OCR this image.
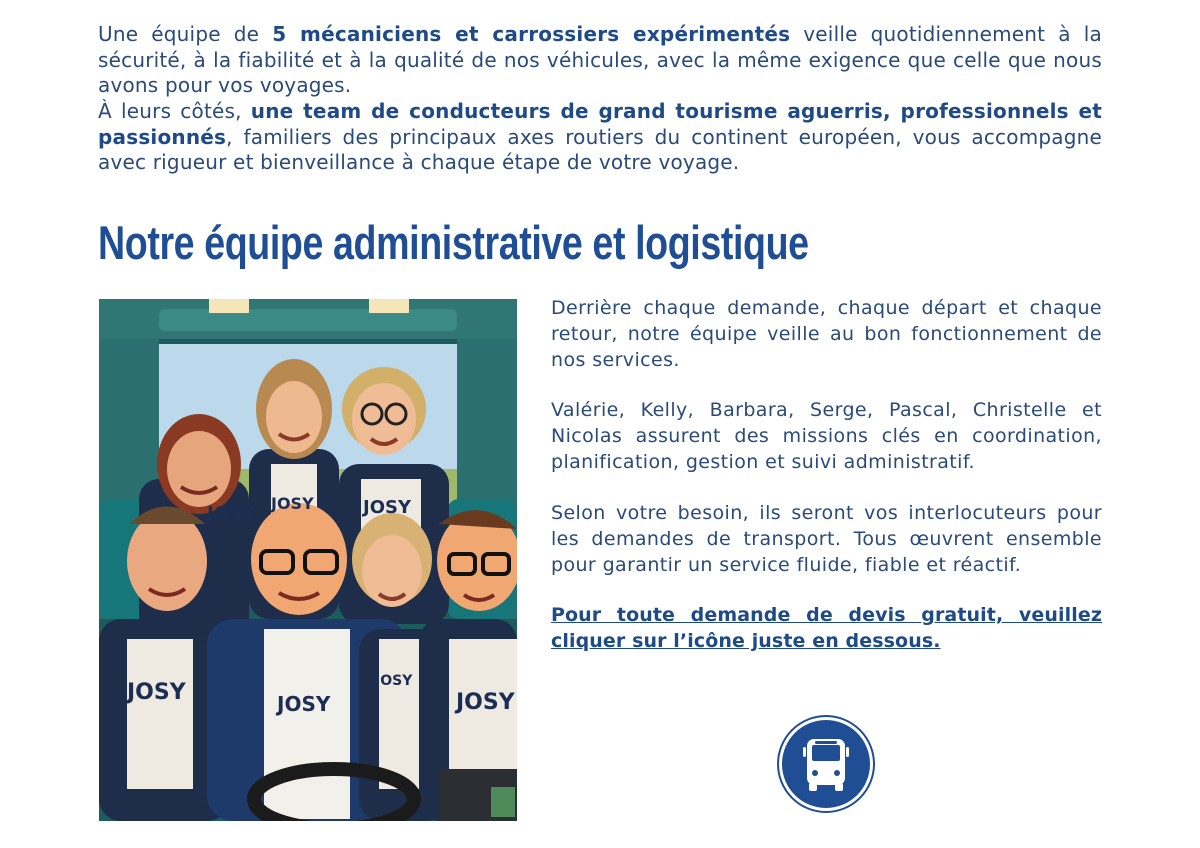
Une équipe de 5 mécaniciens et carrossiers expérimentés veille quotidiennement à la sécurité, à la fiabilité et à la qualité de nos véhicules, avec la même exigence que celle que nous avons pour vos voyages.

À leurs côtés, une team de conducteurs de grand tourisme aguerris, professionnels et passionnés, familiers des principaux axes routiers du continent européen, vous accompagne avec rigueur et bienveillance à chaque étape de votre voyage.

Notre équipe administrative et logistique
JOSY JOSY	JOSY
JOSY	JOSY
JOSY
JOSY

Derrière chaque demande, chaque départ et chaque retour, notre équipe veille au bon fonctionnement de nos services.

Valérie, Kelly, Barbara, Serge, Pascal, Christelle et Nicolas assurent des missions clés en coordination, planification, gestion et suivi administratif.

Selon votre besoin, ils seront vos interlocuteurs pour les demandes de transport. Tous œuvrent ensemble pour garantir un service fluide, fiable et réactif.

Pour toute demande de devis gratuit, veuillez cliquer sur l’icône juste en dessous.
